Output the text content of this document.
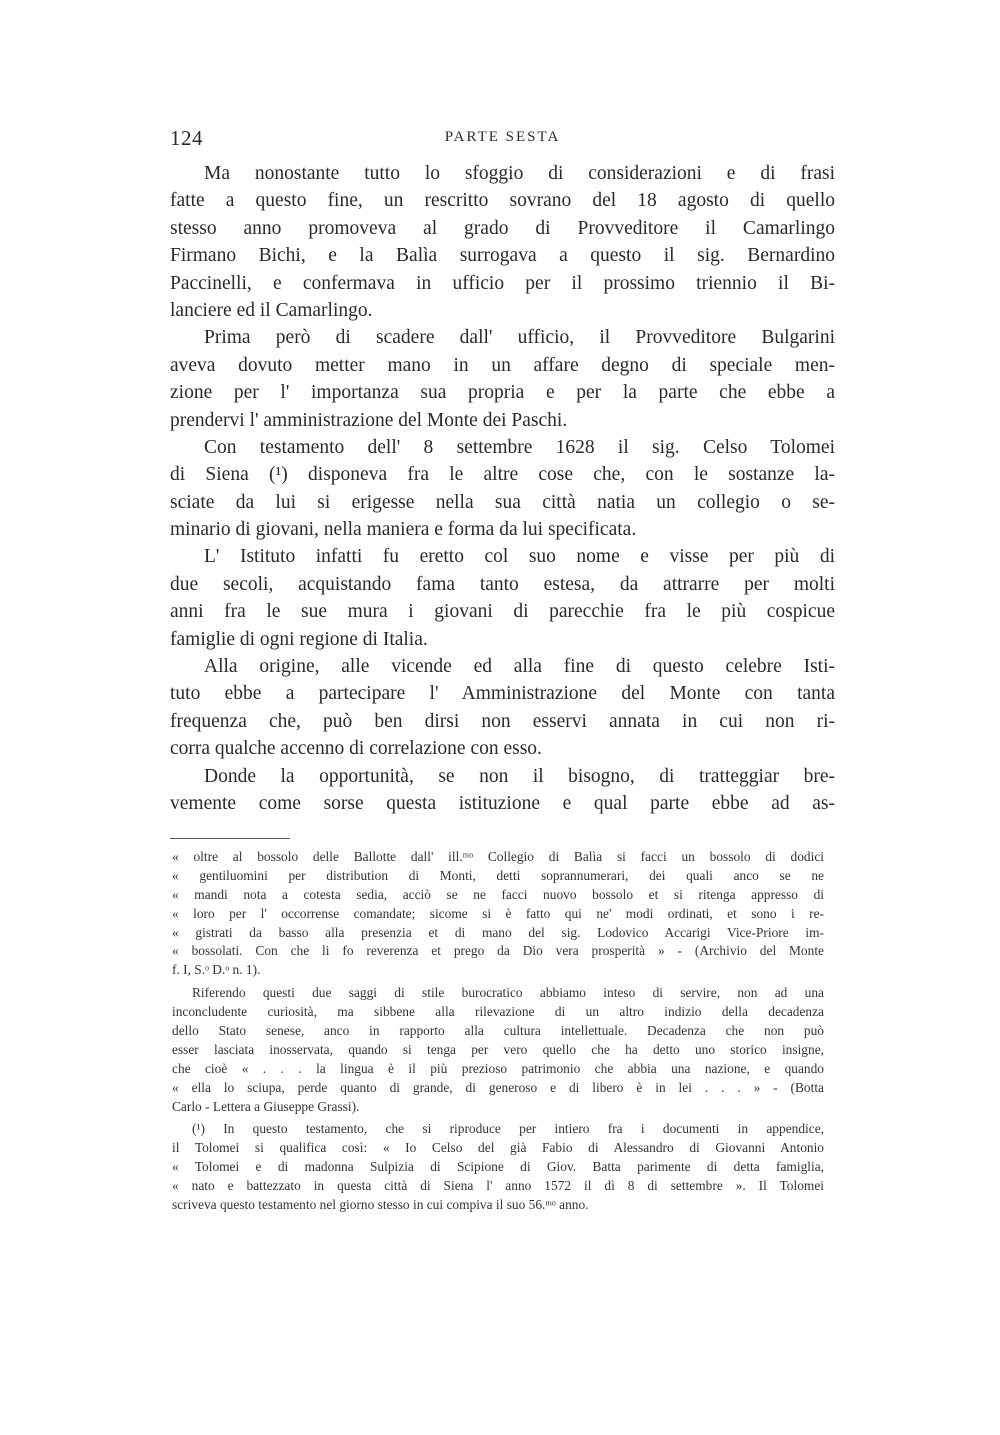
124	PARTE SESTA
Ma nonostante tutto lo sfoggio di considerazioni e di frasi
fatte a questo fine, un rescritto sovrano del 18 agosto di quello
stesso anno promoveva al grado di Provveditore il Camarlingo
Firmano Bichi, e la Balìa surrogava a questo il sig. Bernardino
Paccinelli, e confermava in ufficio per il prossimo triennio il Bi-
lanciere ed il Camarlingo.
Prima però di scadere dall' ufficio, il Provveditore Bulgarini
aveva dovuto metter mano in un affare degno di speciale men-
zione per l' importanza sua propria e per la parte che ebbe a
prendervi l' amministrazione del Monte dei Paschi.
Con testamento dell' 8 settembre 1628 il sig. Celso Tolomei
di Siena (¹) disponeva fra le altre cose che, con le sostanze la-
sciate da lui si erigesse nella sua città natia un collegio o se-
minario di giovani, nella maniera e forma da lui specificata.
L' Istituto infatti fu eretto col suo nome e visse per più di
due secoli, acquistando fama tanto estesa, da attrarre per molti
anni fra le sue mura i giovani di parecchie fra le più cospicue
famiglie di ogni regione di Italia.
Alla origine, alle vicende ed alla fine di questo celebre Isti-
tuto ebbe a partecipare l' Amministrazione del Monte con tanta
frequenza che, può ben dirsi non esservi annata in cui non ri-
corra qualche accenno di correlazione con esso.
Donde la opportunità, se non il bisogno, di tratteggiar bre-
vemente come sorse questa istituzione e qual parte ebbe ad as-
« oltre al bossolo delle Ballotte dall' ill.ᵐᵒ Collegio di Balìa si facci un bossolo di dodici
« gentiluomini per distribution di Monti, detti soprannumerari, dei quali anco se ne
« mandi nota a cotesta sedia, acciò se ne facci nuovo bossolo et si ritenga appresso di
« loro per l' occorrense comandate; sicome si è fatto qui ne' modi ordinati, et sono i re-
« gistrati da basso alla presenzia et di mano del sig. Lodovico Accarigi Vice-Priore im-
« bossolati. Con che li fo reverenza et prego da Dio vera prosperità » - (Archivio del Monte
f. I, S.ᵒ D.ᵒ n. 1).
Riferendo questi due saggi di stile burocratico abbiamo inteso di servire, non ad una
inconcludente curiosità, ma sibbene alla rilevazione di un altro indizio della decadenza
dello Stato senese, anco in rapporto alla cultura intellettuale. Decadenza che non può
esser lasciata inosservata, quando si tenga per vero quello che ha detto uno storico insigne,
che cioè « . . . la lingua è il più prezioso patrimonio che abbia una nazione, e quando
« ella lo sciupa, perde quanto di grande, di generoso e di libero è in lei . . . » - (Botta
Carlo - Lettera a Giuseppe Grassi).
(¹) In questo testamento, che si riproduce per intiero fra i documenti in appendice,
il Tolomei si qualifica così: « Io Celso del già Fabio di Alessandro di Giovanni Antonio
« Tolomei e di madonna Sulpizia di Scipione di Giov. Batta parimente di detta famiglia,
« nato e battezzato in questa città di Siena l' anno 1572 il dì 8 di settembre ». Il Tolomei
scriveva questo testamento nel giorno stesso in cui compiva il suo 56.ᵐᵒ anno.
